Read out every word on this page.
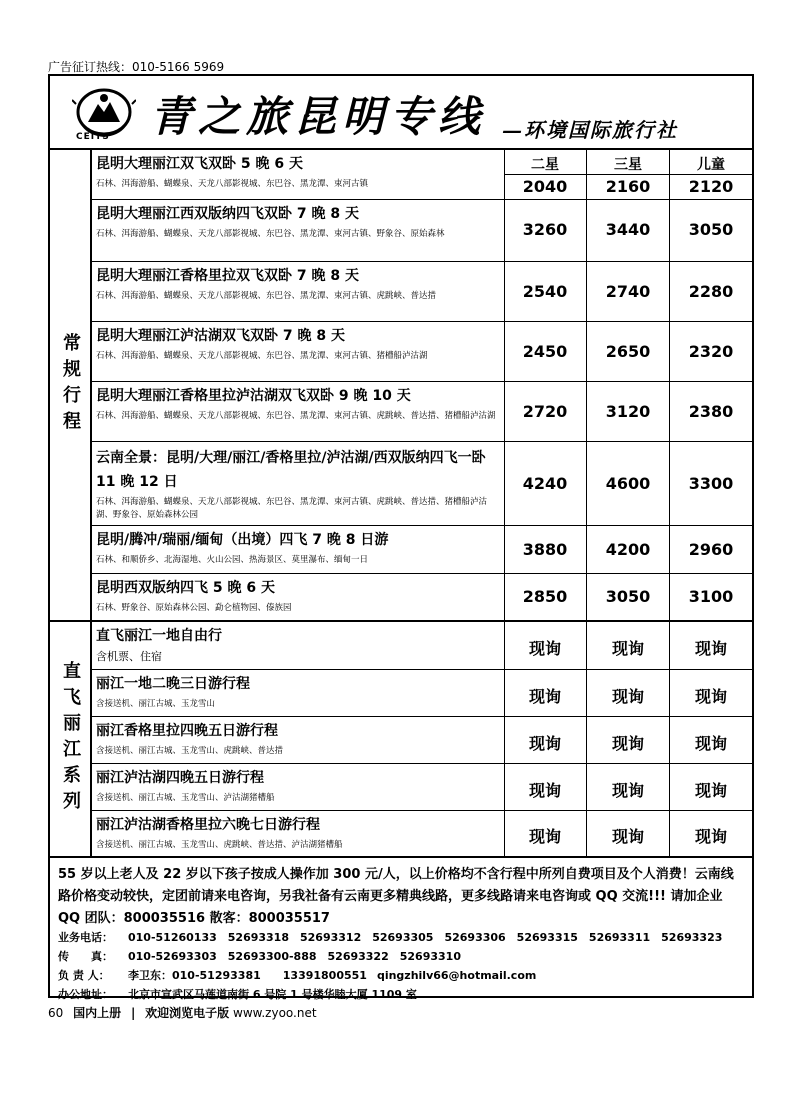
广告征订热线：010-5166 5969
CEITS 青之旅昆明专线 —环境国际旅行社
常规行程
昆明大理丽江双飞双卧 5 晚 6 天
石林、洱海游船、蝴蝶泉、天龙八部影视城、东巴谷、黑龙潭、束河古镇
二星	三星	儿童
2040	2160	2120
昆明大理丽江西双版纳四飞双卧 7 晚 8 天
石林、洱海游船、蝴蝶泉、天龙八部影视城、东巴谷、黑龙潭、束河古镇、野象谷、原始森林	3260	3440	3050
昆明大理丽江香格里拉双飞双卧 7 晚 8 天
石林、洱海游船、蝴蝶泉、天龙八部影视城、东巴谷、黑龙潭、束河古镇、虎跳峡、普达措	2540	2740	2280
昆明大理丽江泸沽湖双飞双卧 7 晚 8 天
石林、洱海游船、蝴蝶泉、天龙八部影视城、东巴谷、黑龙潭、束河古镇、猪槽船泸沽湖	2450	2650	2320
昆明大理丽江香格里拉泸沽湖双飞双卧 9 晚 10 天
石林、洱海游船、蝴蝶泉、天龙八部影视城、东巴谷、黑龙潭、束河古镇、虎跳峡、普达措、猪槽船泸沽湖	2720	3120	2380
云南全景：昆明/大理/丽江/香格里拉/泸沽湖/西双版纳四飞一卧 11 晚 12 日
石林、洱海游船、蝴蝶泉、天龙八部影视城、东巴谷、黑龙潭、束河古镇、虎跳峡、普达措、猪槽船泸沽湖、野象谷、原始森林公园
4240	4600	3300
昆明/腾冲/瑞丽/缅甸（出境）四飞 7 晚 8 日游
石林、和顺侨乡、北海湿地、火山公园、热海景区、莫里瀑布、缅甸一日
3880	4200	2960
昆明西双版纳四飞 5 晚 6 天
石林、野象谷、原始森林公园、勐仑植物园、傣族园
2850	3050	3100
直飞丽江系列
直飞丽江一地自由行
含机票、住宿	现询	现询	现询
丽江一地二晚三日游行程
含接送机、丽江古城、玉龙雪山	现询	现询	现询
丽江香格里拉四晚五日游行程
含接送机、丽江古城、玉龙雪山、虎跳峡、普达措	现询	现询	现询
丽江泸沽湖四晚五日游行程
含接送机、丽江古城、玉龙雪山、泸沽湖猪槽船	现询	现询	现询
丽江泸沽湖香格里拉六晚七日游行程
含接送机、丽江古城、玉龙雪山、虎跳峡、普达措、泸沽湖猪槽船	现询	现询	现询
55 岁以上老人及 22 岁以下孩子按成人操作加 300 元/人，以上价格均不含行程中所列自费项目及个人消费！云南线路价格变动较快，定团前请来电咨询，另我社备有云南更多精典线路，更多线路请来电咨询或 QQ 交流!!! 请加企业 QQ 团队：800035516 散客：800035517
业务电话： 010-51260133　52693318　52693312　52693305　52693306　52693315　52693311　52693323
传　　真： 010-52693303　52693300-888　52693322　52693310
负 责 人： 李卫东：010-51293381　　13391800551 qingzhilv66@hotmail.com
办公地址： 北京市宣武区马莲道南街 6 号院 1 号楼华睦大厦 1109 室
60 国内上册 | 欢迎浏览电子版 www.zyoo.net
